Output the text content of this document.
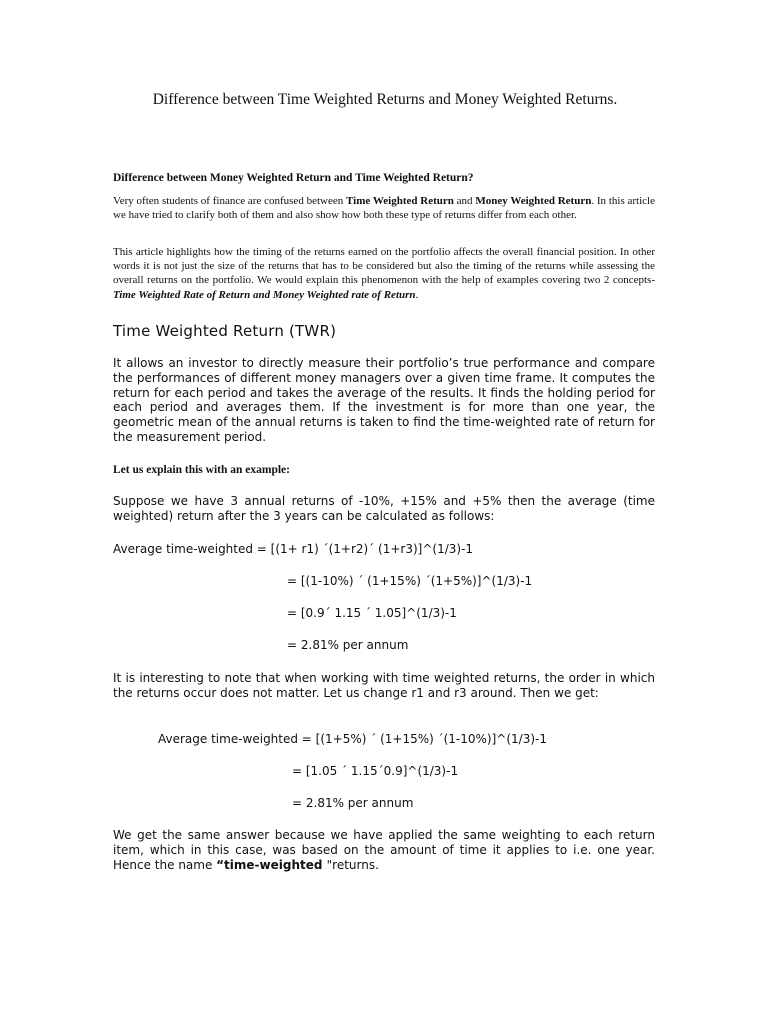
Difference between Time Weighted Returns and Money Weighted Returns.

Difference between Money Weighted Return and Time Weighted Return?

Very often students of finance are confused between Time Weighted Return and Money Weighted Return. In this article we have tried to clarify both of them and also show how both these type of returns differ from each other.

This article highlights how the timing of the returns earned on the portfolio affects the overall financial position. In other words it is not just the size of the returns that has to be considered but also the timing of the returns while assessing the overall returns on the portfolio. We would explain this phenomenon with the help of examples covering two 2 concepts-Time Weighted Rate of Return and Money Weighted rate of Return.

Time Weighted Return (TWR)

It allows an investor to directly measure their portfolio’s true performance and compare the performances of different money managers over a given time frame. It computes the return for each period and takes the average of the results. It finds the holding period for each period and averages them. If the investment is for more than one year, the geometric mean of the annual returns is taken to find the time-weighted rate of return for the measurement period.

Let us explain this with an example:

Suppose we have 3 annual returns of -10%, +15% and +5% then the average (time weighted) return after the 3 years can be calculated as follows:

Average time-weighted = [(1+ r1) ´(1+r2)´ (1+r3)]^(1/3)-1

= [(1-10%) ´ (1+15%) ´(1+5%)]^(1/3)-1

= [0.9´ 1.15 ´ 1.05]^(1/3)-1

= 2.81% per annum

It is interesting to note that when working with time weighted returns, the order in which the returns occur does not matter. Let us change r1 and r3 around. Then we get:

Average time-weighted = [(1+5%) ´ (1+15%) ´(1-10%)]^(1/3)-1

= [1.05 ´ 1.15´0.9]^(1/3)-1

= 2.81% per annum

We get the same answer because we have applied the same weighting to each return item, which in this case, was based on the amount of time it applies to i.e. one year. Hence the name “time-weighted "returns.
